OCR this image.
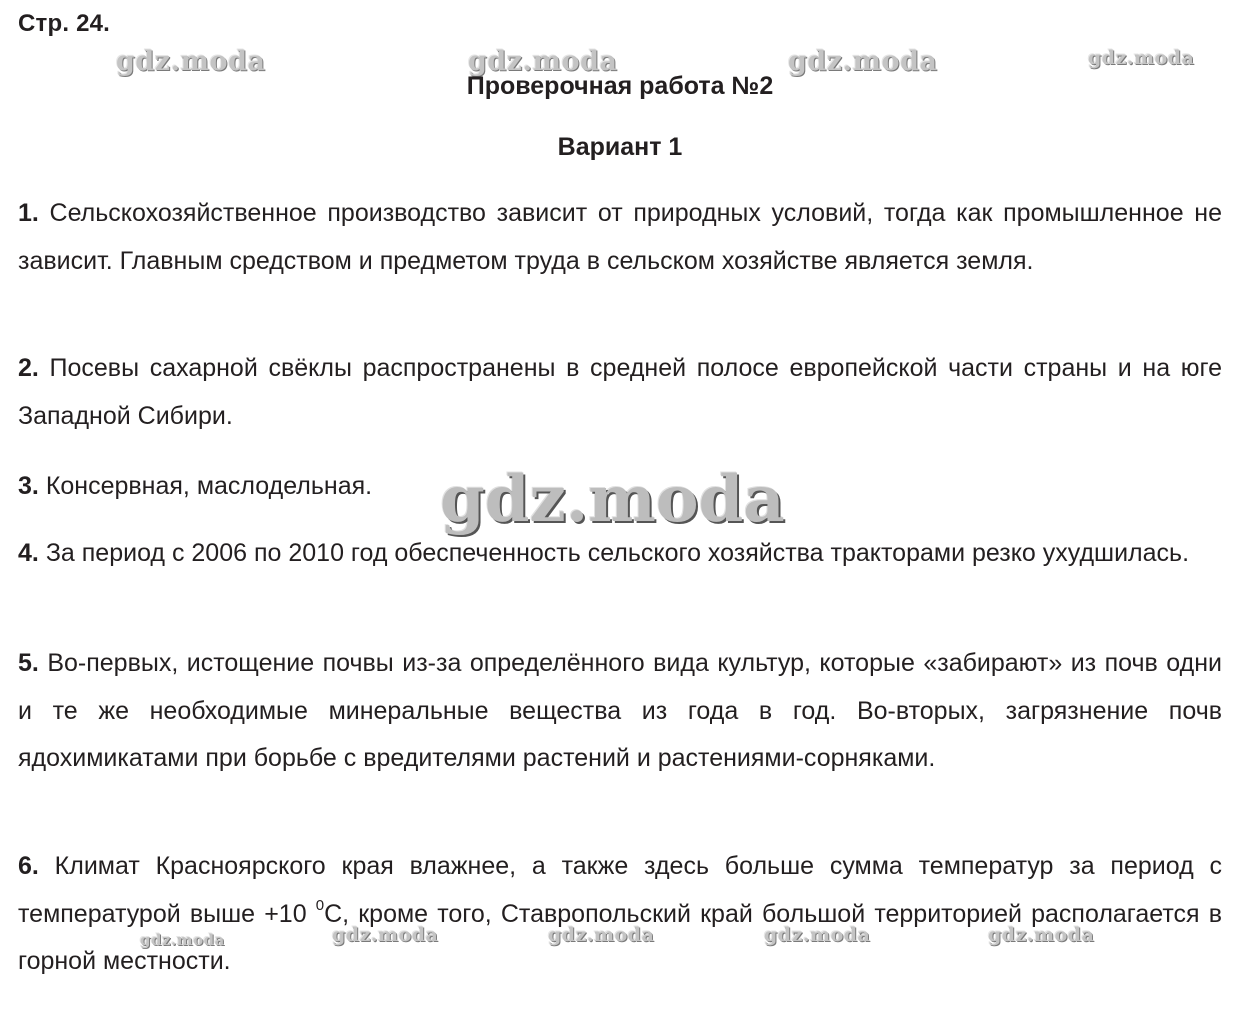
Стр. 24.
gdz.moda	gdz.moda	gdz.moda	gdz.moda
Проверочная работа №2
Вариант 1

1. Сельскохозяйственное производство зависит от природных условий, тогда как промышленное не зависит. Главным средством и предметом труда в сельском хозяйстве является земля.

2. Посевы сахарной свёклы распространены в средней полосе европейской части страны и на юге Западной Сибири.

3. Консервная, маслодельная.

4. За период с 2006 по 2010 год обеспеченность сельского хозяйства тракторами резко ухудшилась.

5. Во-первых, истощение почвы из-за определённого вида культур, которые «забирают» из почв одни и те же необходимые минеральные вещества из года в год. Во-вторых, загрязнение почв ядохимикатами при борьбе с вредителями растений и растениями-сорняками.

6. Климат Красноярского края влажнее, а также здесь больше сумма температур за период с температурой выше +10 $^0$С, кроме того, Ставропольский край большой территорией располагается в горной местности.

gdz.moda
gdz.moda	gdz.moda	gdz.moda	gdz.moda	gdz.moda
